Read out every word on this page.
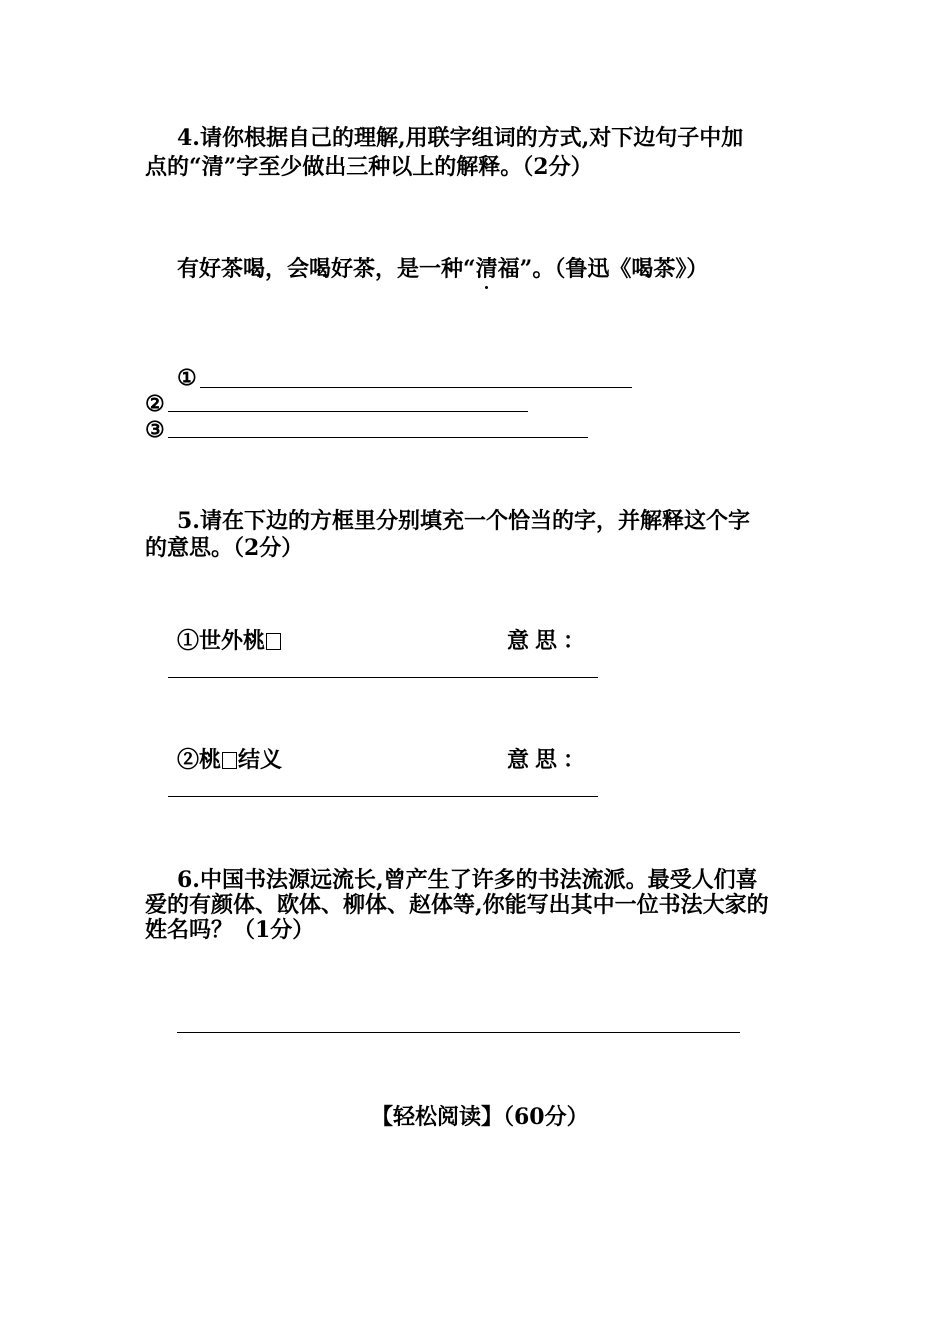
4.请你根据自己的理解,用联字组词的方式,对下边句子中加
点的“清”字至少做出三种以上的解释。（2分）
有好茶喝，会喝好茶，是一种“清福”。（鲁迅《喝茶》）
①
②
③
5.请在下边的方框里分别填充一个恰当的字，并解释这个字
的意思。（2分）
①世外桃	意思：
②桃 结义	意思：
6.中国书法源远流长,曾产生了许多的书法流派。最受人们喜
爱的有颜体、欧体、柳体、赵体等,你能写出其中一位书法大家的
姓名吗？（1分）
【轻松阅读】（60分）
